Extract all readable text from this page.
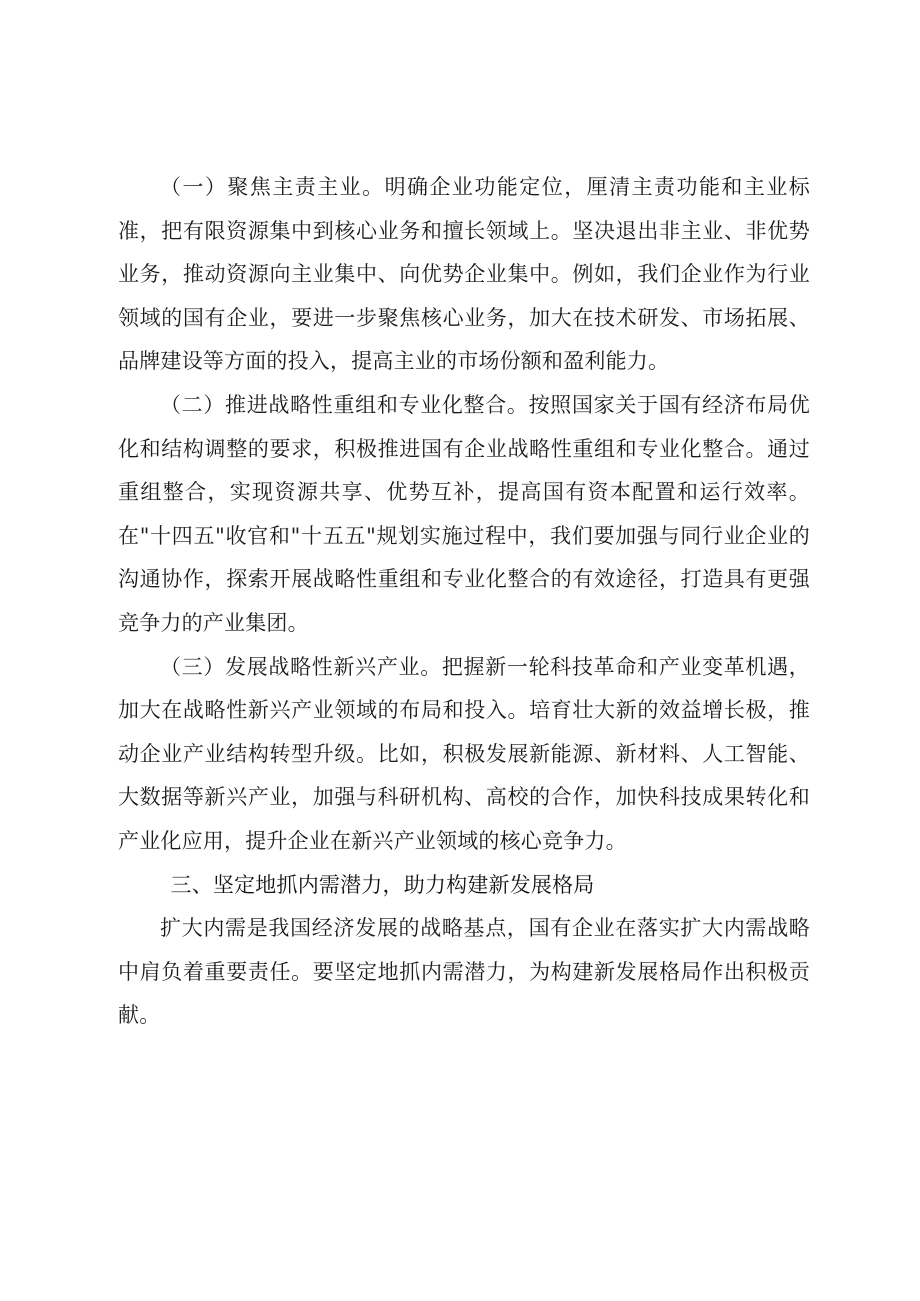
（一）聚焦主责主业。明确企业功能定位，厘清主责功能和主业标准，把有限资源集中到核心业务和擅长领域上。坚决退出非主业、非优势业务，推动资源向主业集中、向优势企业集中。例如，我们企业作为行业领域的国有企业，要进一步聚焦核心业务，加大在技术研发、市场拓展、品牌建设等方面的投入，提高主业的市场份额和盈利能力。

（二）推进战略性重组和专业化整合。按照国家关于国有经济布局优化和结构调整的要求，积极推进国有企业战略性重组和专业化整合。通过重组整合，实现资源共享、优势互补，提高国有资本配置和运行效率。在"十四五"收官和"十五五"规划实施过程中，我们要加强与同行业企业的沟通协作，探索开展战略性重组和专业化整合的有效途径，打造具有更强竞争力的产业集团。

（三）发展战略性新兴产业。把握新一轮科技革命和产业变革机遇，加大在战略性新兴产业领域的布局和投入。培育壮大新的效益增长极，推动企业产业结构转型升级。比如，积极发展新能源、新材料、人工智能、大数据等新兴产业，加强与科研机构、高校的合作，加快科技成果转化和产业化应用，提升企业在新兴产业领域的核心竞争力。

三、坚定地抓内需潜力，助力构建新发展格局

扩大内需是我国经济发展的战略基点，国有企业在落实扩大内需战略中肩负着重要责任。要坚定地抓内需潜力，为构建新发展格局作出积极贡献。
